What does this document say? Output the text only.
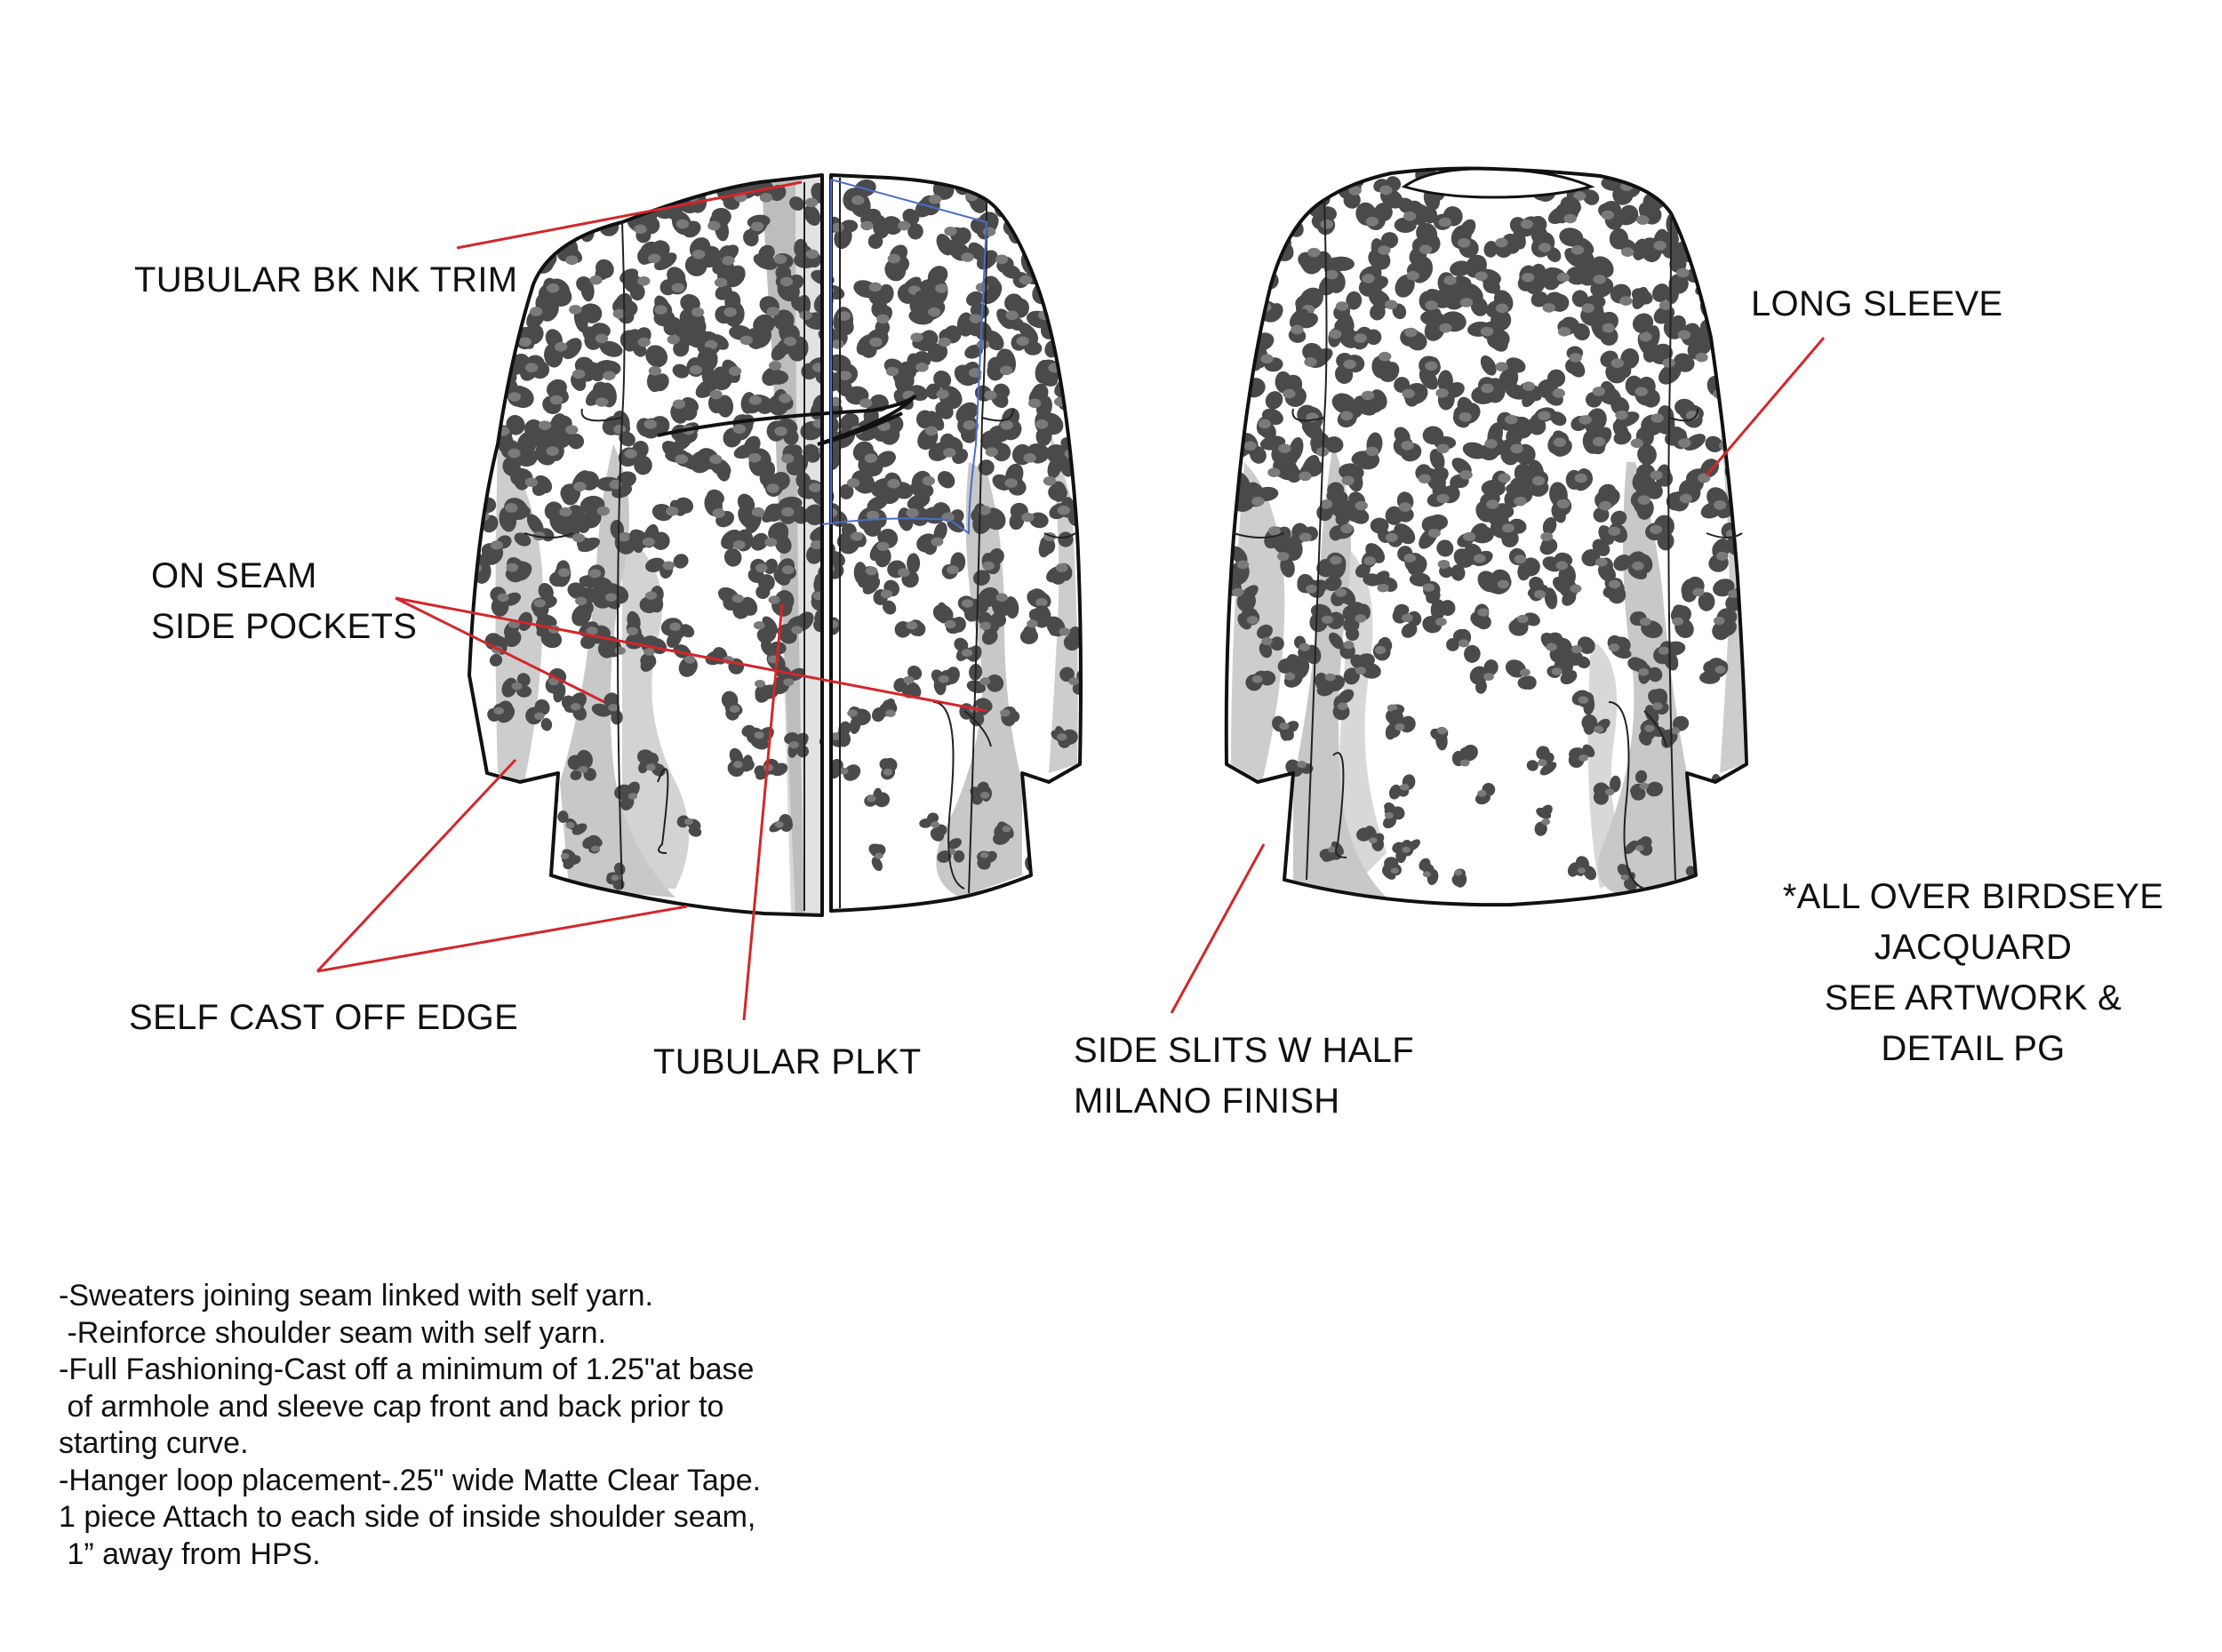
TUBULAR BK NK TRIM
ON SEAM
SIDE POCKETS
SELF CAST OFF EDGE
TUBULAR PLKT	SIDE SLITS W HALF
MILANO FINISH
LONG SLEEVE
*ALL OVER BIRDSEYE
JACQUARD
SEE ARTWORK &
DETAIL PG
-Sweaters joining seam linked with self yarn.
-Reinforce shoulder seam with self yarn.
-Full Fashioning-Cast off a minimum of 1.25"at base
of armhole and sleeve cap front and back prior to
starting curve.
-Hanger loop placement-.25" wide Matte Clear Tape.
1 piece Attach to each side of inside shoulder seam,
1” away from HPS.
